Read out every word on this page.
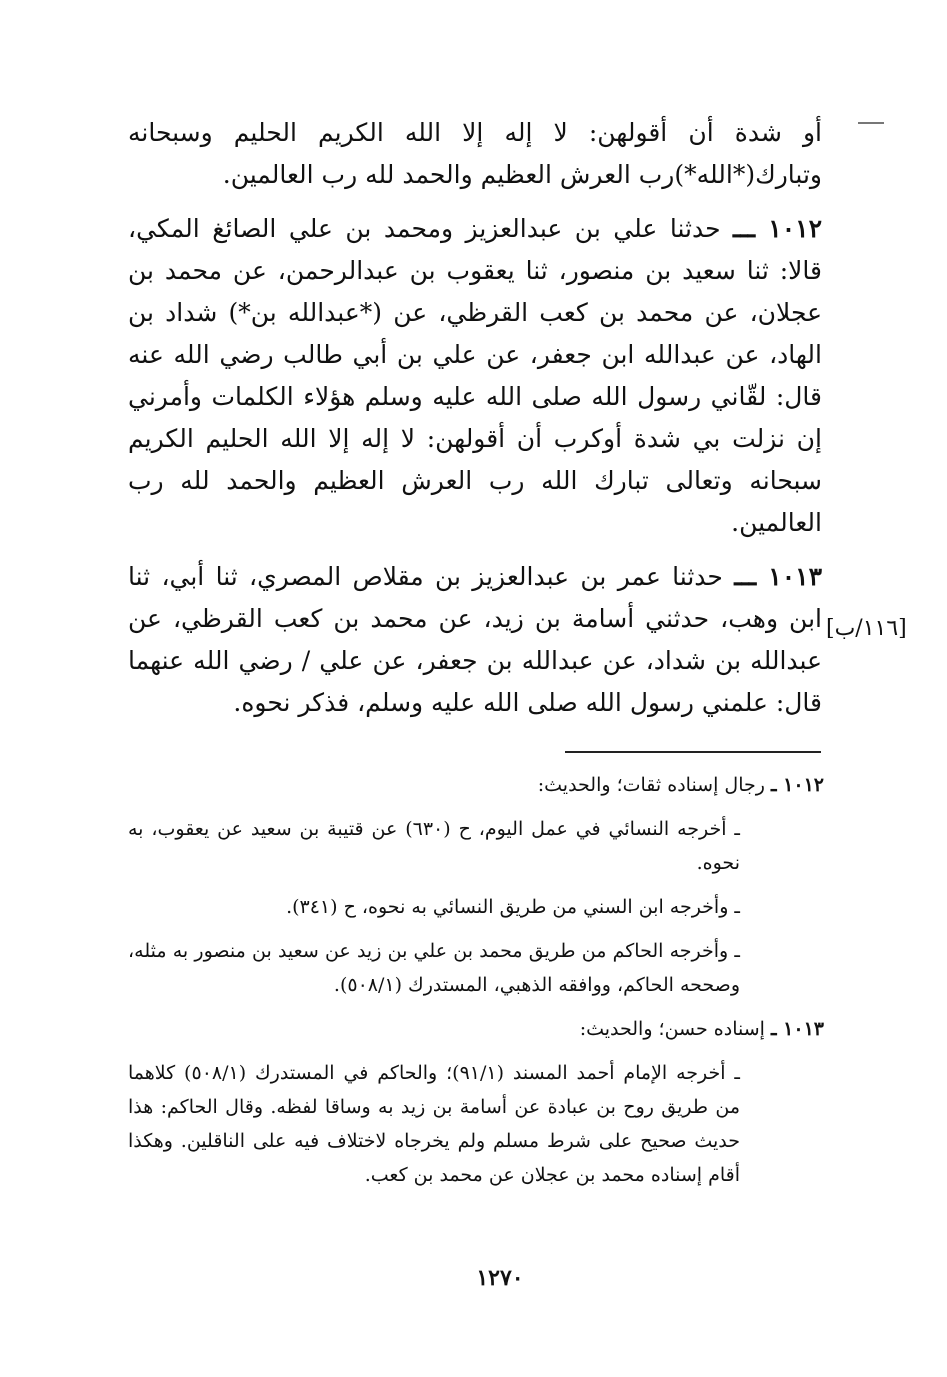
أو شدة أن أقولهن: لا إله إلا الله الكريم الحليم وسبحانه وتبارك(*الله*)رب العرش العظيم والحمد لله رب العالمين.

١٠١٢ ـــ حدثنا علي بن عبدالعزيز ومحمد بن علي الصائغ المكي، قالا: ثنا سعيد بن منصور، ثنا يعقوب بن عبدالرحمن، عن محمد بن عجلان، عن محمد بن كعب القرظي، عن (*عبدالله بن*) شداد بن الهاد، عن عبدالله ابن جعفر، عن علي بن أبي طالب رضي الله عنه قال: لقّاني رسول الله صلى الله عليه وسلم هؤلاء الكلمات وأمرني إن نزلت بي شدة أوكرب أن أقولهن: لا إله إلا الله الحليم الكريم سبحانه وتعالى تبارك الله رب العرش العظيم والحمد لله رب العالمين.

١٠١٣ ـــ حدثنا عمر بن عبدالعزيز بن مقلاص المصري، ثنا أبي، ثنا ابن وهب، حدثني أسامة بن زيد، عن محمد بن كعب القرظي، عن عبدالله بن شداد، عن عبدالله بن جعفر، عن علي / رضي الله عنهما قال: علمني رسول الله صلى الله عليه وسلم، فذكر نحوه.

[١١٦/ب]

١٠١٢ ـ رجال إسناده ثقات؛ والحديث:

ـ أخرجه النسائي في عمل اليوم، ح (٦٣٠) عن قتيبة بن سعيد عن يعقوب، به نحوه.

ـ وأخرجه ابن السني من طريق النسائي به نحوه، ح (٣٤١).

ـ وأخرجه الحاكم من طريق محمد بن علي بن زيد عن سعيد بن منصور به مثله، وصححه الحاكم، ووافقه الذهبي، المستدرك (٥٠٨/١).

١٠١٣ ـ إسناده حسن؛ والحديث:

ـ أخرجه الإمام أحمد المسند (٩١/١)؛ والحاكم في المستدرك (٥٠٨/١) كلاهما من طريق روح بن عبادة عن أسامة بن زيد به وساقا لفظه. وقال الحاكم: هذا حديث صحيح على شرط مسلم ولم يخرجاه لاختلاف فيه على الناقلين. وهكذا أقام إسناده محمد بن عجلان عن محمد بن كعب.

١٢٧٠
